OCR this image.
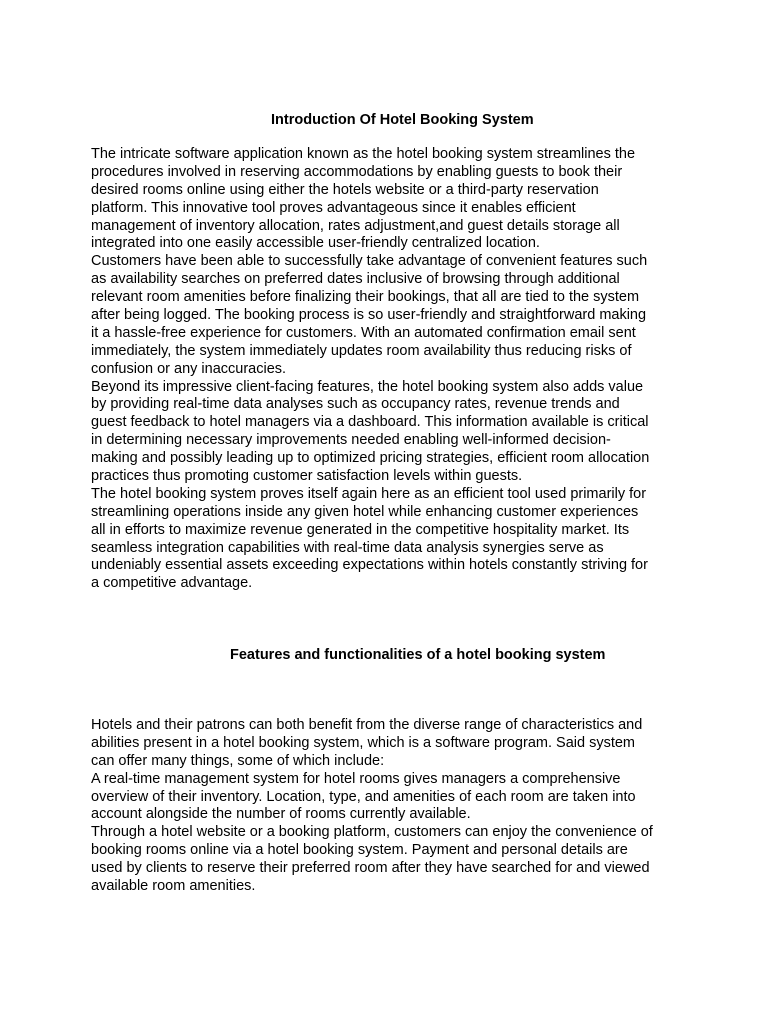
Introduction Of Hotel Booking System
The intricate software application known as the hotel booking system streamlines the
procedures involved in reserving accommodations by enabling guests to book their
desired rooms online using either the hotels website or a third-party reservation
platform. This innovative tool proves advantageous since it enables efficient
management of inventory allocation, rates adjustment,and guest details storage all
integrated into one easily accessible user-friendly centralized location.
Customers have been able to successfully take advantage of convenient features such
as availability searches on preferred dates inclusive of browsing through additional
relevant room amenities before finalizing their bookings, that all are tied to the system
after being logged. The booking process is so user-friendly and straightforward making
it a hassle-free experience for customers. With an automated confirmation email sent
immediately, the system immediately updates room availability thus reducing risks of
confusion or any inaccuracies.
Beyond its impressive client-facing features, the hotel booking system also adds value
by providing real-time data analyses such as occupancy rates, revenue trends and
guest feedback to hotel managers via a dashboard. This information available is critical
in determining necessary improvements needed enabling well-informed decision-
making and possibly leading up to optimized pricing strategies, efficient room allocation
practices thus promoting customer satisfaction levels within guests.
The hotel booking system proves itself again here as an efficient tool used primarily for
streamlining operations inside any given hotel while enhancing customer experiences
all in efforts to maximize revenue generated in the competitive hospitality market. Its
seamless integration capabilities with real-time data analysis synergies serve as
undeniably essential assets exceeding expectations within hotels constantly striving for
a competitive advantage.
Features and functionalities of a hotel booking system
Hotels and their patrons can both benefit from the diverse range of characteristics and
abilities present in a hotel booking system, which is a software program. Said system
can offer many things, some of which include:
A real-time management system for hotel rooms gives managers a comprehensive
overview of their inventory. Location, type, and amenities of each room are taken into
account alongside the number of rooms currently available.
Through a hotel website or a booking platform, customers can enjoy the convenience of
booking rooms online via a hotel booking system. Payment and personal details are
used by clients to reserve their preferred room after they have searched for and viewed
available room amenities.
